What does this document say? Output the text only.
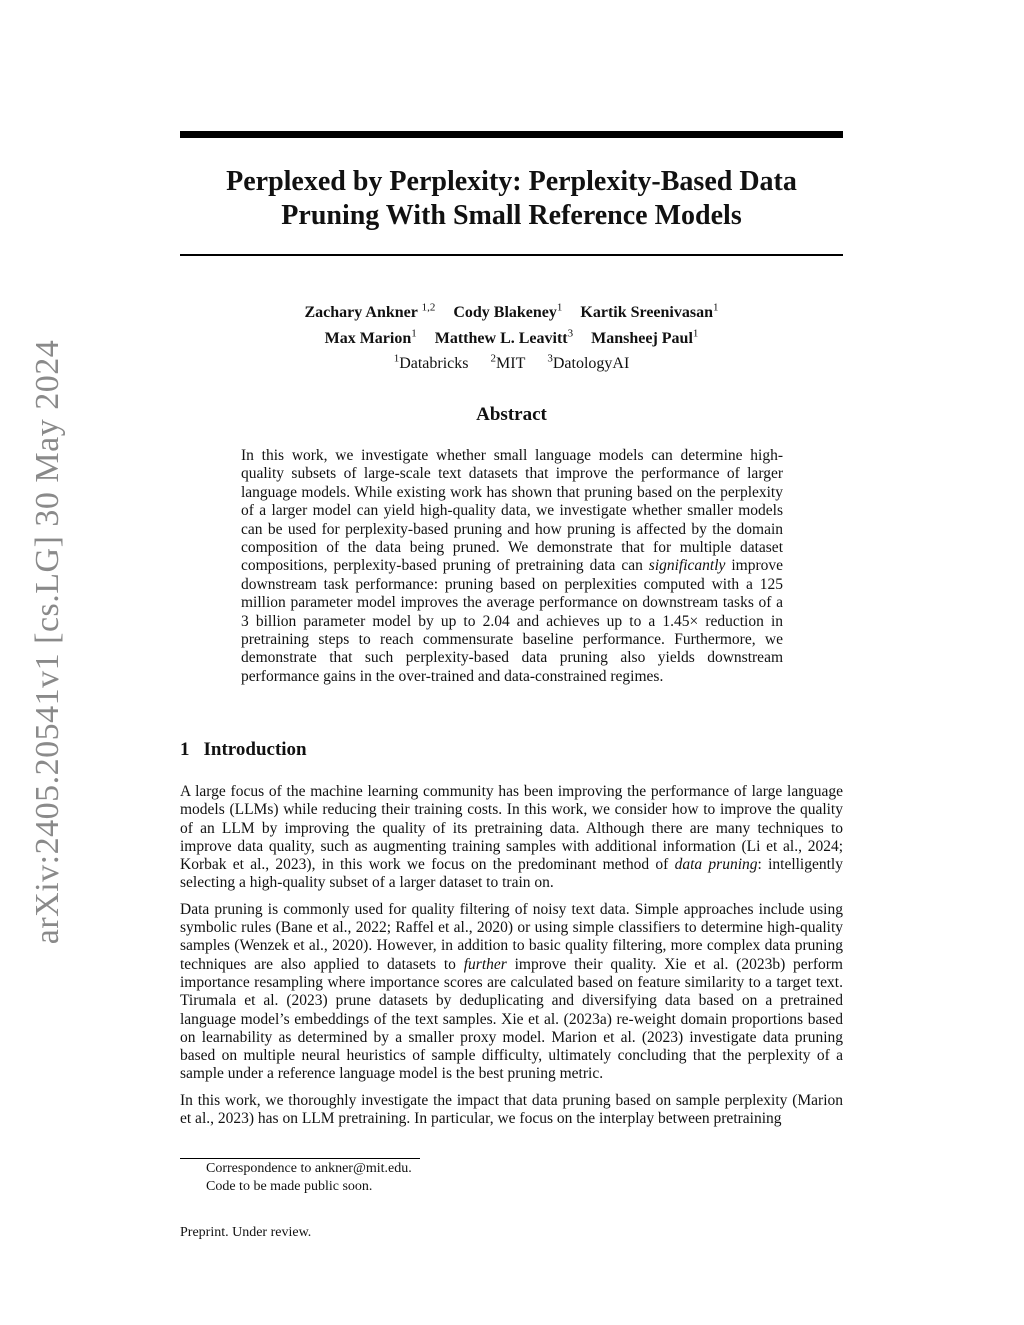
arXiv:2405.20541v1 [cs.LG] 30 May 2024
Perplexed by Perplexity: Perplexity-Based Data
Pruning With Small Reference Models
Zachary Ankner $^{1,2}$ Cody Blakeney$^1$ Kartik Sreenivasan$^1$
Max Marion$^1$ Matthew L. Leavitt$^3$ Mansheej Paul$^1$
$^1$Databricks $^2$MIT $^3$DatologyAI
Abstract

In this work, we investigate whether small language models can determine high-quality subsets of large-scale text datasets that improve the performance of larger language models. While existing work has shown that pruning based on the perplexity of a larger model can yield high-quality data, we investigate whether smaller models can be used for perplexity-based pruning and how pruning is affected by the domain composition of the data being pruned. We demonstrate that for multiple dataset compositions, perplexity-based pruning of pretraining data can significantly improve downstream task performance: pruning based on perplexities computed with a 125 million parameter model improves the average performance on downstream tasks of a 3 billion parameter model by up to 2.04 and achieves up to a 1.45× reduction in pretraining steps to reach commensurate baseline performance. Furthermore, we demonstrate that such perplexity-based data pruning also yields downstream performance gains in the over-trained and data-constrained regimes.

1 Introduction

A large focus of the machine learning community has been improving the performance of large language models (LLMs) while reducing their training costs. In this work, we consider how to improve the quality of an LLM by improving the quality of its pretraining data. Although there are many techniques to improve data quality, such as augmenting training samples with additional information (Li et al., 2024; Korbak et al., 2023), in this work we focus on the predominant method of data pruning: intelligently selecting a high-quality subset of a larger dataset to train on.

Data pruning is commonly used for quality filtering of noisy text data. Simple approaches include using symbolic rules (Bane et al., 2022; Raffel et al., 2020) or using simple classifiers to determine high-quality samples (Wenzek et al., 2020). However, in addition to basic quality filtering, more complex data pruning techniques are also applied to datasets to further improve their quality. Xie et al. (2023b) perform importance resampling where importance scores are calculated based on feature similarity to a target text. Tirumala et al. (2023) prune datasets by deduplicating and diversifying data based on a pretrained language model’s embeddings of the text samples. Xie et al. (2023a) re-weight domain proportions based on learnability as determined by a smaller proxy model. Marion et al. (2023) investigate data pruning based on multiple neural heuristics of sample difficulty, ultimately concluding that the perplexity of a sample under a reference language model is the best pruning metric.

In this work, we thoroughly investigate the impact that data pruning based on sample perplexity (Marion et al., 2023) has on LLM pretraining. In particular, we focus on the interplay between pretraining

Correspondence to ankner@mit.edu.
Code to be made public soon.
Preprint. Under review.
